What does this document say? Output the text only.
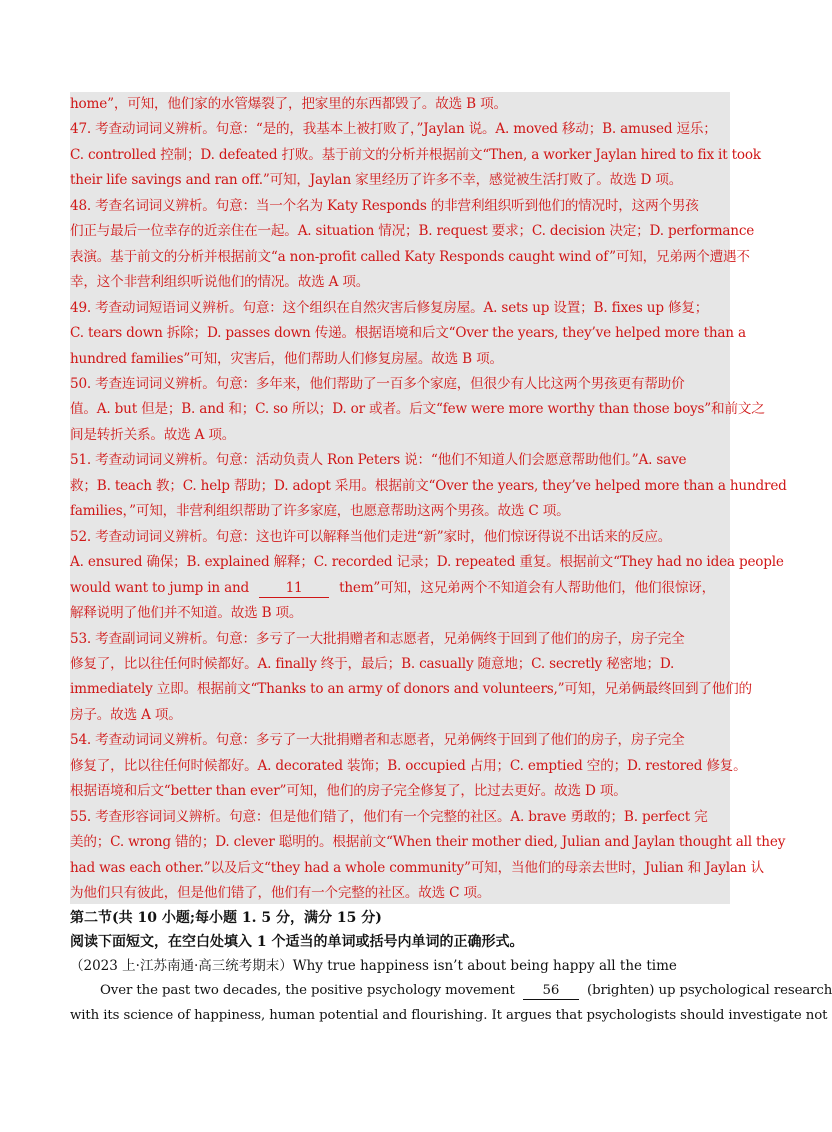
home”，可知，他们家的水管爆裂了，把家里的东西都毁了。故选 B 项。

47. 考查动词词义辨析。句意：“是的，我基本上被打败了，”Jaylan 说。A. moved 移动；B. amused 逗乐；

C. controlled 控制；D. defeated 打败。基于前文的分析并根据前文“Then, a worker Jaylan hired to fix it took

their life savings and ran off.”可知，Jaylan 家里经历了许多不幸，感觉被生活打败了。故选 D 项。

48. 考查名词词义辨析。句意：当一个名为 Katy Responds 的非营利组织听到他们的情况时，这两个男孩

们正与最后一位幸存的近亲住在一起。A. situation 情况；B. request 要求；C. decision 决定；D. performance

表演。基于前文的分析并根据前文“a non-profit called Katy Responds caught wind of”可知，兄弟两个遭遇不

幸，这个非营利组织听说他们的情况。故选 A 项。

49. 考查动词短语词义辨析。句意：这个组织在自然灾害后修复房屋。A. sets up 设置；B. fixes up 修复；

C. tears down 拆除；D. passes down 传递。根据语境和后文“Over the years, they’ve helped more than a

hundred families”可知，灾害后，他们帮助人们修复房屋。故选 B 项。

50. 考查连词词义辨析。句意：多年来，他们帮助了一百多个家庭，但很少有人比这两个男孩更有帮助价

值。A. but 但是；B. and 和；C. so 所以；D. or 或者。后文“few were more worthy than those boys”和前文之

间是转折关系。故选 A 项。

51. 考查动词词义辨析。句意：活动负责人 Ron Peters 说：“他们不知道人们会愿意帮助他们。”A. save

救；B. teach 教；C. help 帮助；D. adopt 采用。根据前文“Over the years, they’ve helped more than a hundred

families，”可知，非营利组织帮助了许多家庭，也愿意帮助这两个男孩。故选 C 项。

52. 考查动词词义辨析。句意：这也许可以解释当他们走进“新”家时，他们惊讶得说不出话来的反应。

A. ensured 确保；B. explained 解释；C. recorded 记录；D. repeated 重复。根据前文“They had no idea people

would want to jump in and	11	them”可知，这兄弟两个不知道会有人帮助他们，他们很惊讶，

解释说明了他们并不知道。故选 B 项。

53. 考查副词词义辨析。句意：多亏了一大批捐赠者和志愿者，兄弟俩终于回到了他们的房子，房子完全

修复了，比以往任何时候都好。A. finally 终于，最后；B. casually 随意地；C. secretly 秘密地；D.

immediately 立即。根据前文“Thanks to an army of donors and volunteers,”可知，兄弟俩最终回到了他们的

房子。故选 A 项。

54. 考查动词词义辨析。句意：多亏了一大批捐赠者和志愿者，兄弟俩终于回到了他们的房子，房子完全

修复了，比以往任何时候都好。A. decorated 装饰；B. occupied 占用；C. emptied 空的；D. restored 修复。

根据语境和后文“better than ever”可知，他们的房子完全修复了，比过去更好。故选 D 项。

55. 考查形容词词义辨析。句意：但是他们错了，他们有一个完整的社区。A. brave 勇敢的；B. perfect 完

美的；C. wrong 错的；D. clever 聪明的。根据前文“When their mother died, Julian and Jaylan thought all they

had was each other.”以及后文“they had a whole community”可知，当他们的母亲去世时，Julian 和 Jaylan 认

为他们只有彼此，但是他们错了，他们有一个完整的社区。故选 C 项。

第二节(共 10 小题;每小题 1. 5 分，满分 15 分)

阅读下面短文，在空白处填入 1 个适当的单词或括号内单词的正确形式。

（2023 上·江苏南通·高三统考期末）Why true happiness isn’t about being happy all the time

Over the past two decades, the positive psychology movement 56 (brighten) up psychological research

with its science of happiness, human potential and flourishing. It argues that psychologists should investigate not
